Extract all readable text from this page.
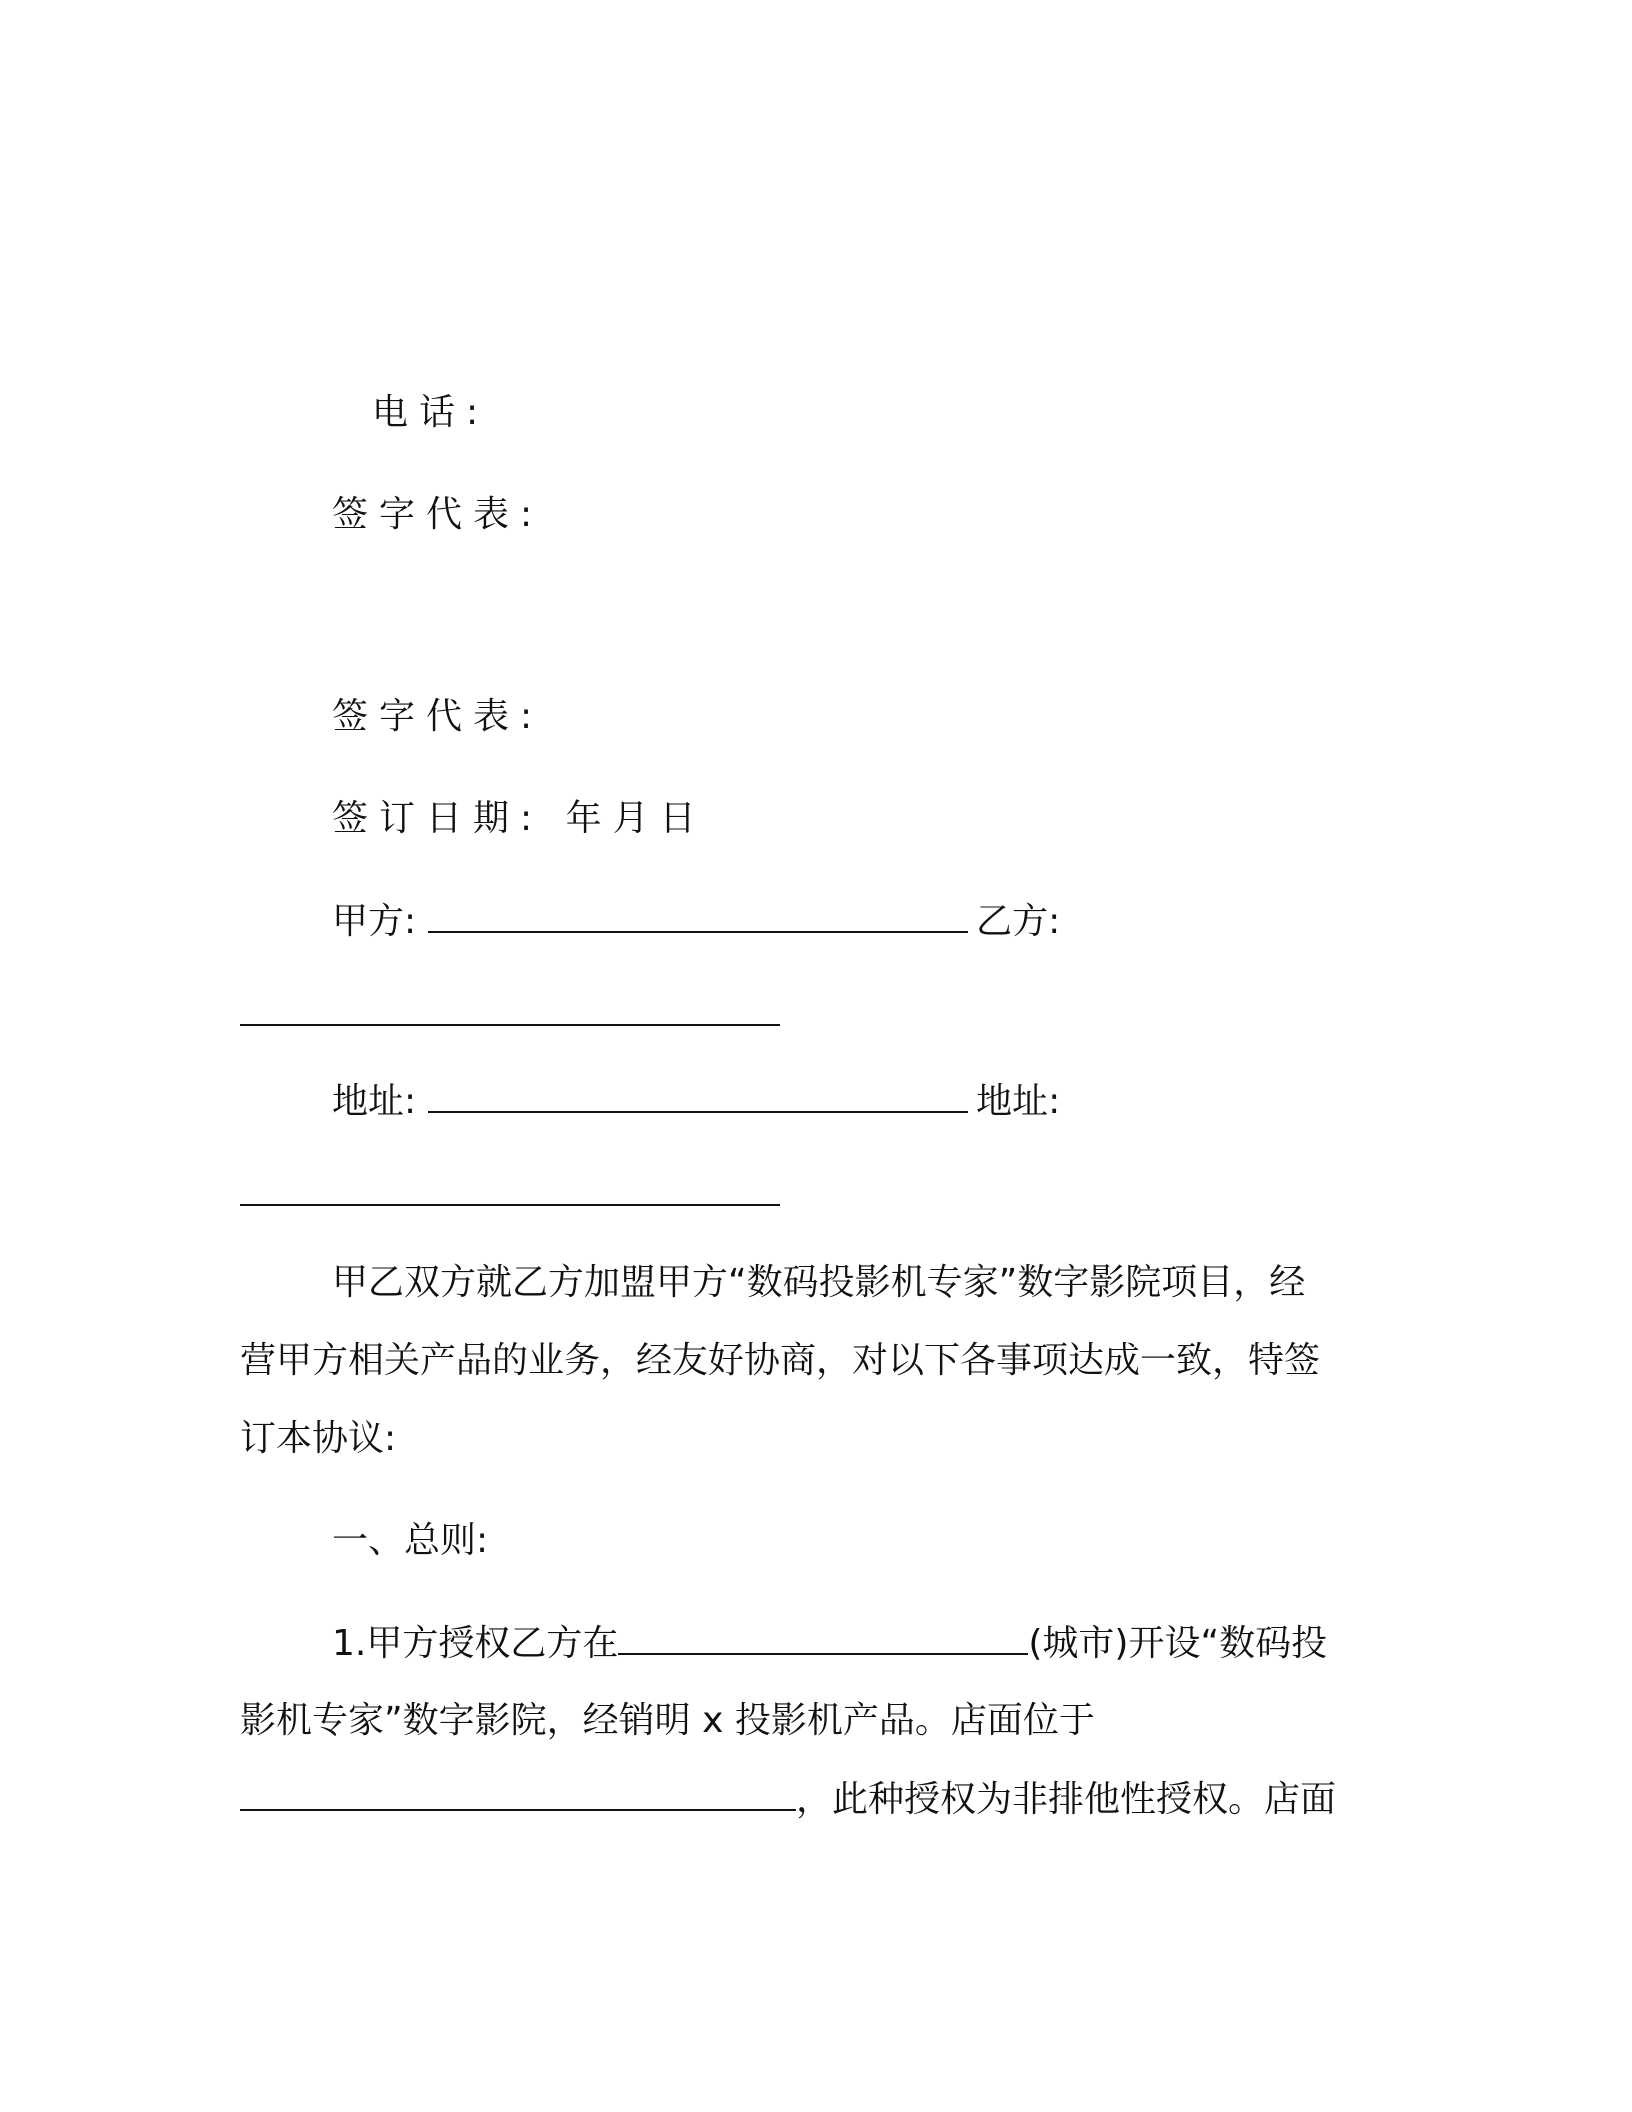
电话:
签字代表:
签字代表:
签订日期: 年月日
甲方:	乙方:
地址:	地址:
甲乙双方就乙方加盟甲方“数码投影机专家”数字影院项目，经
营甲方相关产品的业务，经友好协商，对以下各事项达成一致，特签
订本协议:
一、总则:
1.甲方授权乙方在	(城市)开设“数码投
影机专家”数字影院，经销明 x 投影机产品。店面位于
，此种授权为非排他性授权。店面
